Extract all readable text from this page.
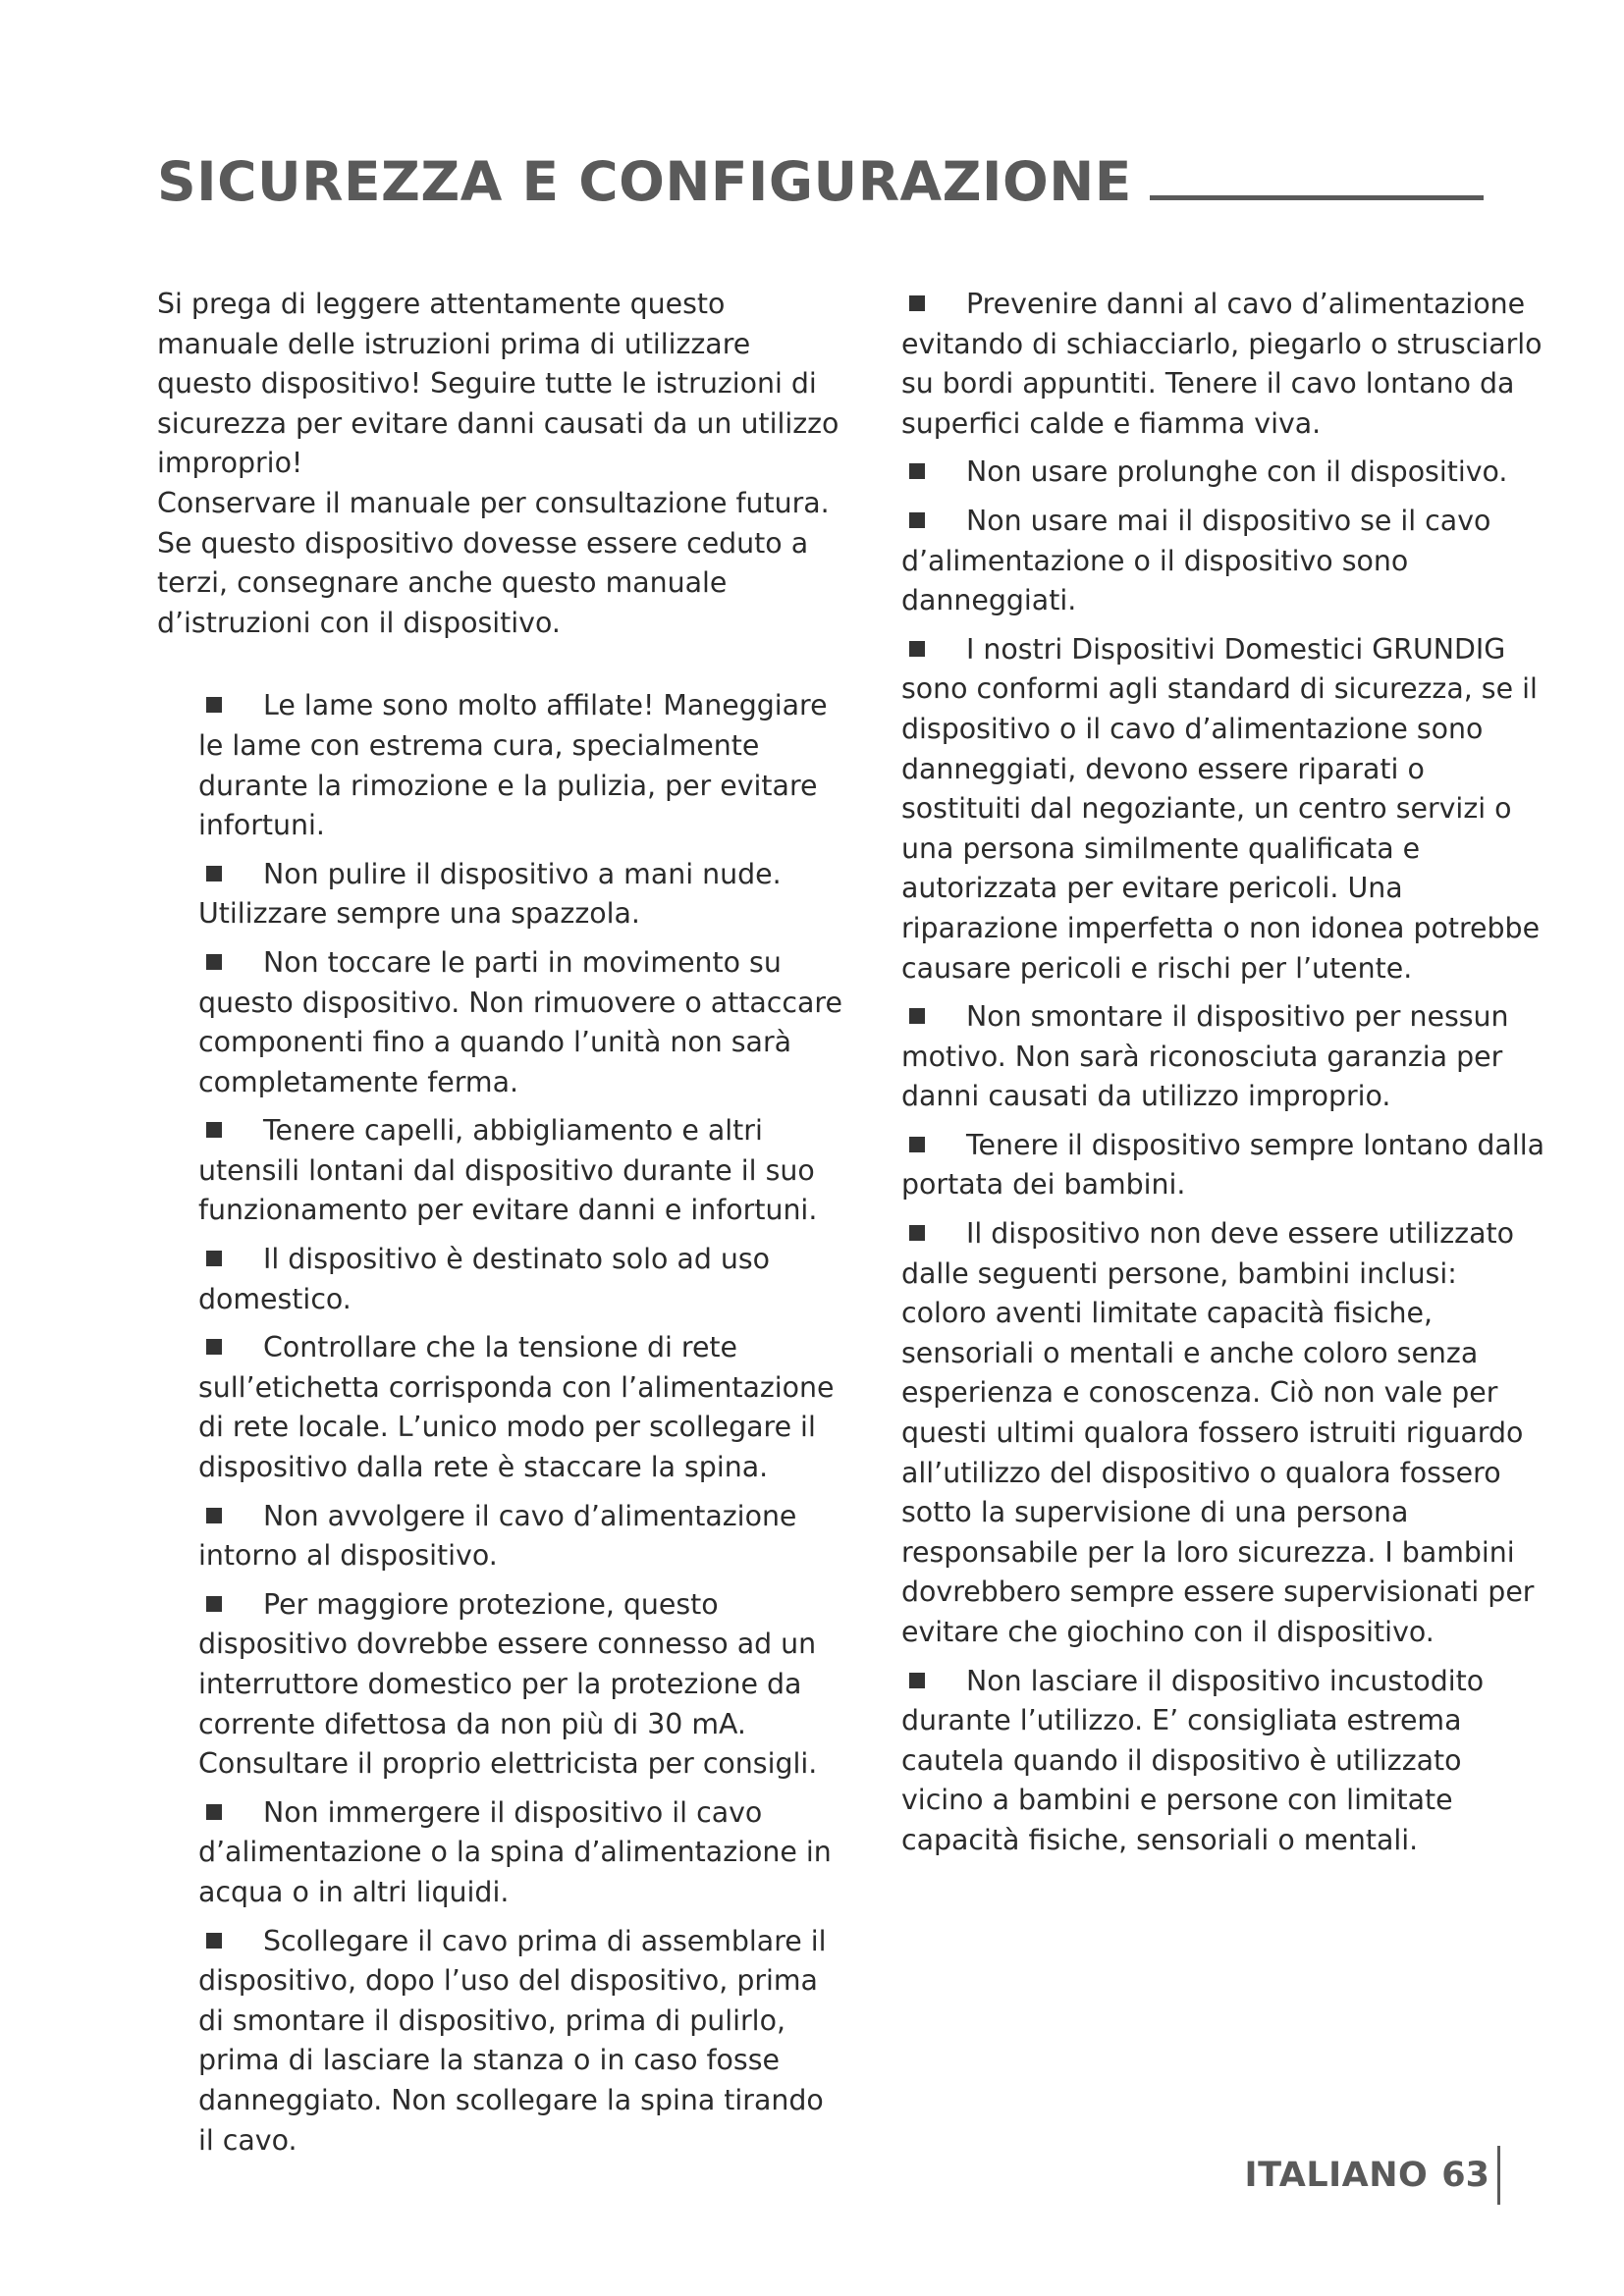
SICUREZZA E CONFIGURAZIONE

Si prega di leggere attentamente questo manuale delle istruzioni prima di utilizzare questo dispositivo! Seguire tutte le istruzioni di sicurezza per evitare danni causati da un utilizzo improprio!

Conservare il manuale per consultazione futura.

Se questo dispositivo dovesse essere ceduto a terzi, consegnare anche questo manuale d’istruzioni con il dispositivo.

Le lame sono molto affilate! Maneggiare le lame con estrema cura, specialmente durante la rimozione e la pulizia, per evitare infortuni.
Non pulire il dispositivo a mani nude. Utilizzare sempre una spazzola.
Non toccare le parti in movimento su questo dispositivo. Non rimuovere o attaccare componenti fino a quando l’unità non sarà completamente ferma.
Tenere capelli, abbigliamento e altri utensili lontani dal dispositivo durante il suo funzionamento per evitare danni e infortuni.
Il dispositivo è destinato solo ad uso domestico.
Controllare che la tensione di rete sull’etichetta corrisponda con l’alimentazione di rete locale. L’unico modo per scollegare il dispositivo dalla rete è staccare la spina.
Non avvolgere il cavo d’alimentazione intorno al dispositivo.
Per maggiore protezione, questo dispositivo dovrebbe essere connesso ad un interruttore domestico per la protezione da corrente difettosa da non più di 30 mA. Consultare il proprio elettricista per consigli.
Non immergere il dispositivo il cavo d’alimentazione o la spina d’alimentazione in acqua o in altri liquidi.
Scollegare il cavo prima di assemblare il dispositivo, dopo l’uso del dispositivo, prima di smontare il dispositivo, prima di pulirlo, prima di lasciare la stanza o in caso fosse danneggiato. Non scollegare la spina tirando il cavo.
Prevenire danni al cavo d’alimentazione evitando di schiacciarlo, piegarlo o strusciarlo su bordi appuntiti. Tenere il cavo lontano da superfici calde e fiamma viva.
Non usare prolunghe con il dispositivo.
Non usare mai il dispositivo se il cavo d’alimentazione o il dispositivo sono danneggiati.
I nostri Dispositivi Domestici GRUNDIG sono conformi agli standard di sicurezza, se il dispositivo o il cavo d’alimentazione sono danneggiati, devono essere riparati o sostituiti dal negoziante, un centro servizi o una persona similmente qualificata e autorizzata per evitare pericoli. Una riparazione imperfetta o non idonea potrebbe causare pericoli e rischi per l’utente.
Non smontare il dispositivo per nessun motivo. Non sarà riconosciuta garanzia per danni causati da utilizzo improprio.
Tenere il dispositivo sempre lontano dalla portata dei bambini.
Il dispositivo non deve essere utilizzato dalle seguenti persone, bambini inclusi: coloro aventi limitate capacità fisiche, sensoriali o mentali e anche coloro senza esperienza e conoscenza. Ciò non vale per questi ultimi qualora fossero istruiti riguardo all’utilizzo del dispositivo o qualora fossero sotto la supervisione di una persona responsabile per la loro sicurezza. I bambini dovrebbero sempre essere supervisionati per evitare che giochino con il dispositivo.
Non lasciare il dispositivo incustodito durante l’utilizzo. E’ consigliata estrema cautela quando il dispositivo è utilizzato vicino a bambini e persone con limitate capacità fisiche, sensoriali o mentali.
ITALIANO 63
